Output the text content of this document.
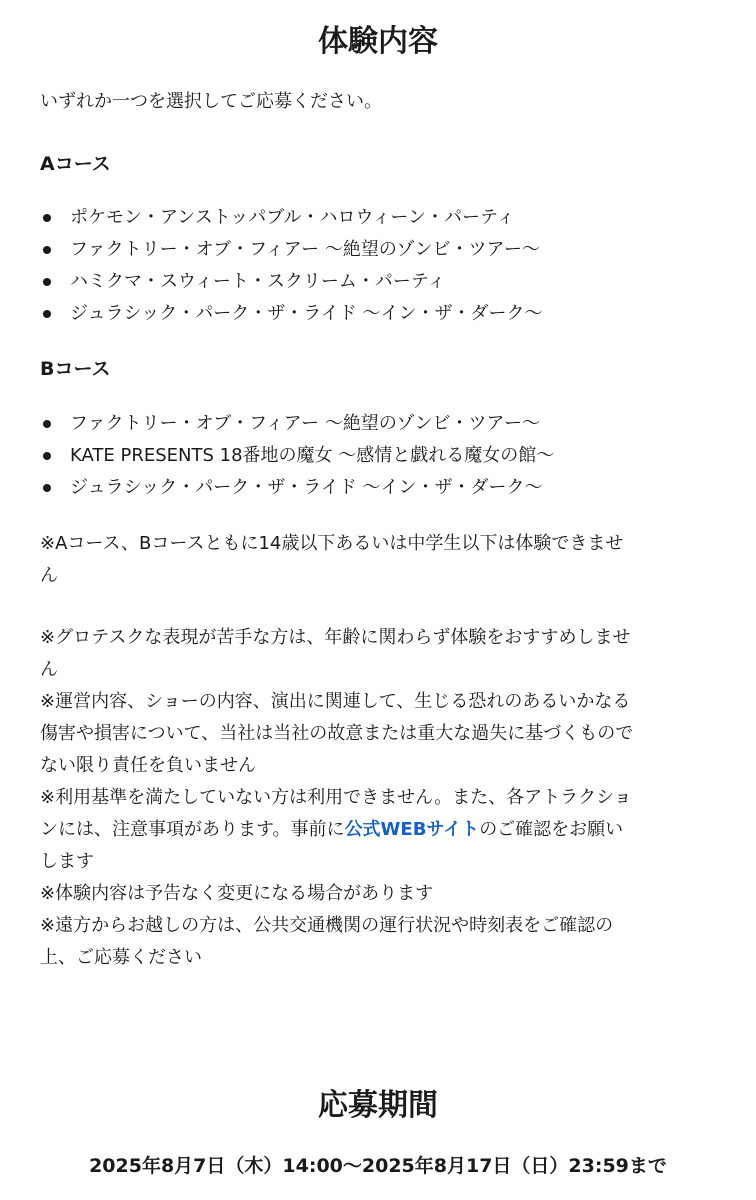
体験内容

いずれか一つを選択してご応募ください。

Aコース
ポケモン・アンストッパブル・ハロウィーン・パーティ
ファクトリー・オブ・フィアー 〜絶望のゾンビ・ツアー〜
ハミクマ・スウィート・スクリーム・パーティ
ジュラシック・パーク・ザ・ライド 〜イン・ザ・ダーク〜
Bコース
ファクトリー・オブ・フィアー 〜絶望のゾンビ・ツアー〜
KATE PRESENTS 18番地の魔女 〜感情と戯れる魔女の館〜
ジュラシック・パーク・ザ・ライド 〜イン・ザ・ダーク〜
※Aコース、Bコースともに14歳以下あるいは中学生以下は体験できませ
ん
※グロテスクな表現が苦手な方は、年齢に関わらず体験をおすすめしませ
ん
※運営内容、ショーの内容、演出に関連して、生じる恐れのあるいかなる
傷害や損害について、当社は当社の故意または重大な過失に基づくもので
ない限り責任を負いません
※利用基準を満たしていない方は利用できません。また、各アトラクショ
ンには、注意事項があります。事前に公式WEBサイトのご確認をお願い
します
※体験内容は予告なく変更になる場合があります
※遠方からお越しの方は、公共交通機関の運行状況や時刻表をご確認の
上、ご応募ください
応募期間

2025年8月7日（木）14:00〜2025年8月17日（日）23:59まで
